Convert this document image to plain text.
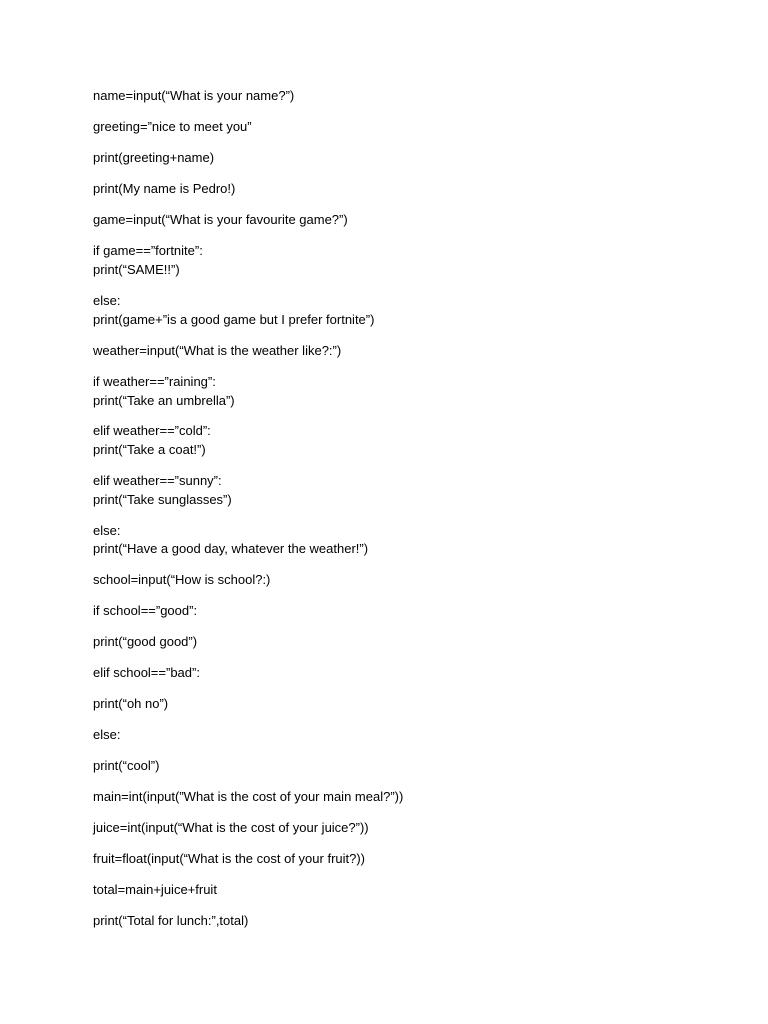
name=input(“What is your name?”)
greeting=”nice to meet you”
print(greeting+name)
print(My name is Pedro!)
game=input(“What is your favourite game?”)
if game==”fortnite”:
print(“SAME!!”)
else:
print(game+”is a good game but I prefer fortnite”)
weather=input(“What is the weather like?:”)
if weather==”raining”:
print(“Take an umbrella”)
elif weather==”cold”:
print(“Take a coat!”)
elif weather==”sunny”:
print(“Take sunglasses”)
else:
print(“Have a good day, whatever the weather!”)
school=input(“How is school?:)
if school==”good”:
print(“good good”)
elif school==”bad”:
print(“oh no”)
else:
print(“cool”)
main=int(input(”What is the cost of your main meal?”))
juice=int(input(“What is the cost of your juice?”))
fruit=float(input(“What is the cost of your fruit?))
total=main+juice+fruit
print(“Total for lunch:”,total)
